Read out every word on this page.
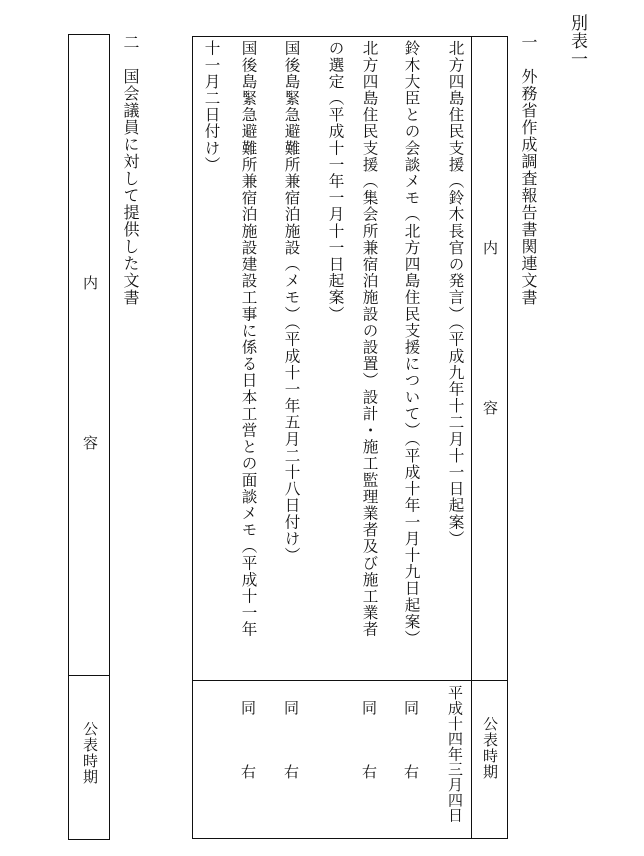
別表一
一　外務省作成調査報告書関連文書
内　　　　　　　　　容
公表時期
北方四島住民支援（鈴木長官の発言）（平成九年十二月十一日起案）
平成十四年三月四日
鈴木大臣との会談メモ（北方四島住民支援について）（平成十年一月十九日起案）
同　　　右
北方四島住民支援（集会所兼宿泊施設の設置）設計・施工監理業者及び施工業者
の選定（平成十一年一月十一日起案）
同　　　右
国後島緊急避難所兼宿泊施設（メモ）（平成十一年五月二十八日付け）
同　　　右
国後島緊急避難所兼宿泊施設建設工事に係る日本工営との面談メモ（平成十一年
十一月二日付け）
同　　　右
二　国会議員に対して提供した文書
内　　　　　　　　　容
公表時期
